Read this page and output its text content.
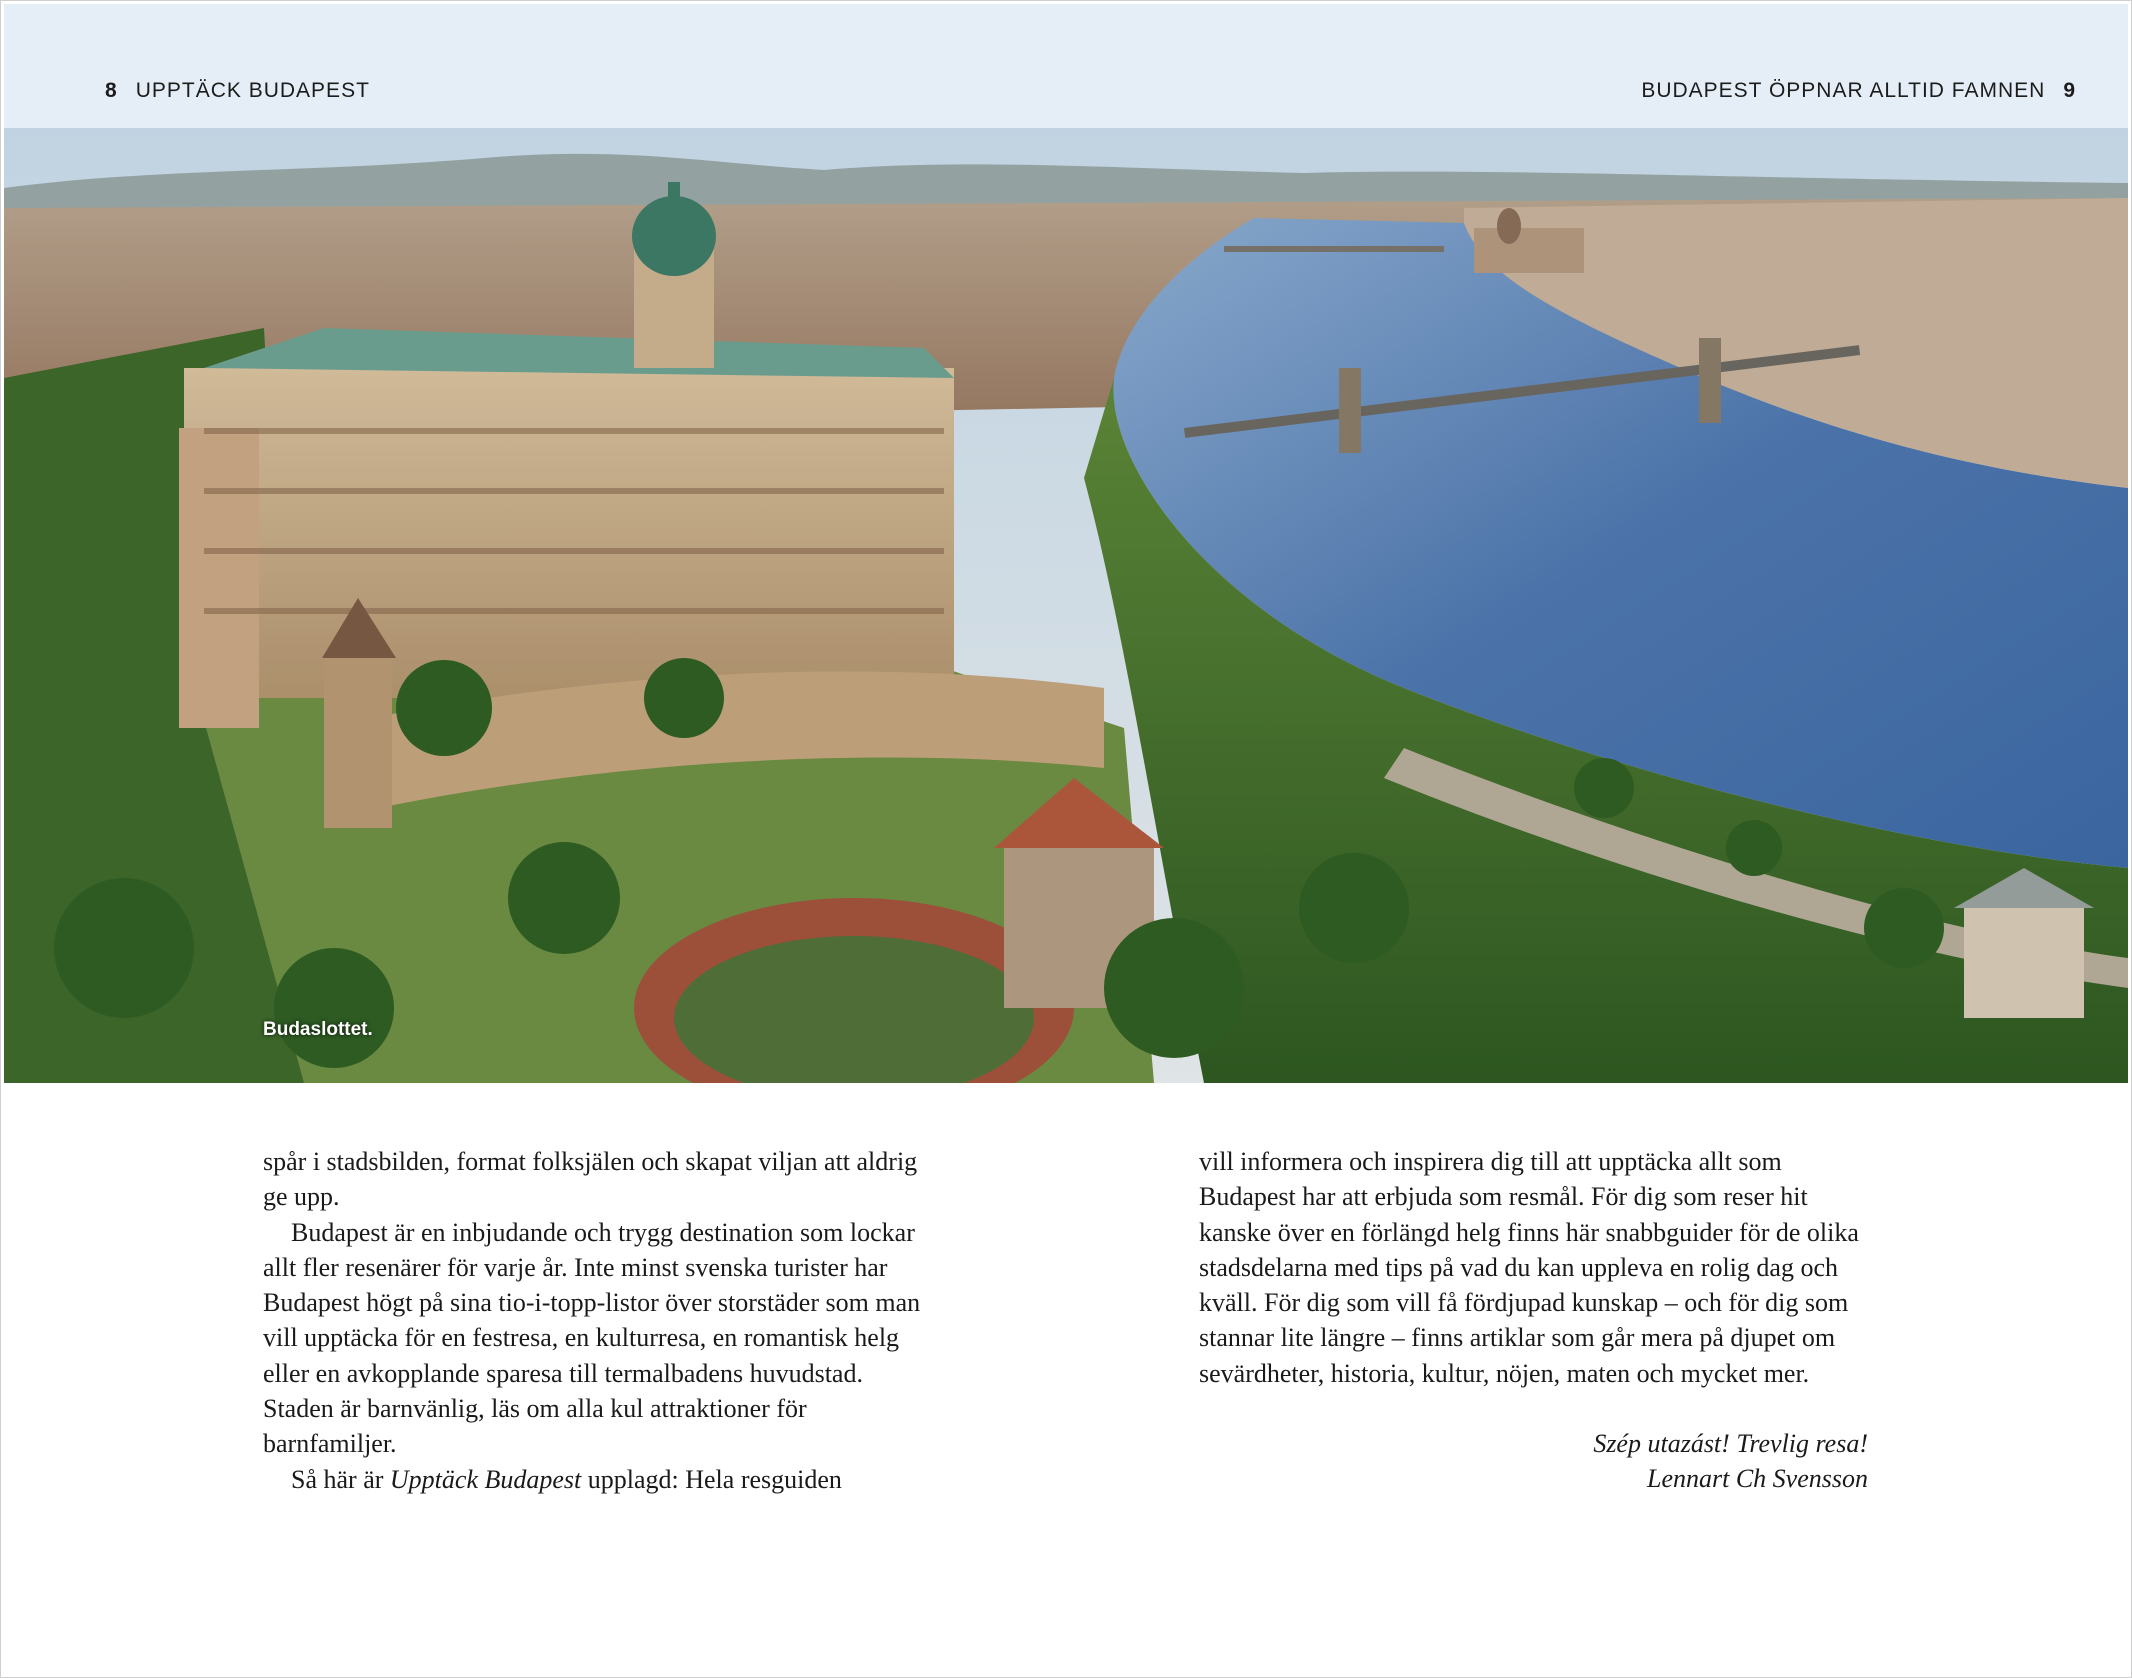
8 UPPTÄCK BUDAPEST	BUDAPEST ÖPPNAR ALLTID FAMNEN 9
Budaslottet.

spår i stadsbilden, format folksjälen och skapat viljan att aldrig ge upp.

Budapest är en inbjudande och trygg destination som lockar allt fler resenärer för varje år. Inte minst svenska turister har Budapest högt på sina tio-i-topp-listor över storstäder som man vill upptäcka för en festresa, en kulturresa, en romantisk helg eller en avkopplande sparesa till termalbadens huvudstad. Staden är barnvänlig, läs om alla kul attraktioner för barnfamiljer.

Så här är Upptäck Budapest upplagd: Hela resguiden

vill informera och inspirera dig till att upptäcka allt som Budapest har att erbjuda som resmål. För dig som reser hit kanske över en förlängd helg finns här snabbguider för de olika stadsdelarna med tips på vad du kan uppleva en rolig dag och kväll. För dig som vill få fördjupad kunskap – och för dig som stannar lite längre – finns artiklar som går mera på djupet om sevärdheter, historia, kultur, nöjen, maten och mycket mer.

Szép utazást! Trevlig resa!
Lennart Ch Svensson
